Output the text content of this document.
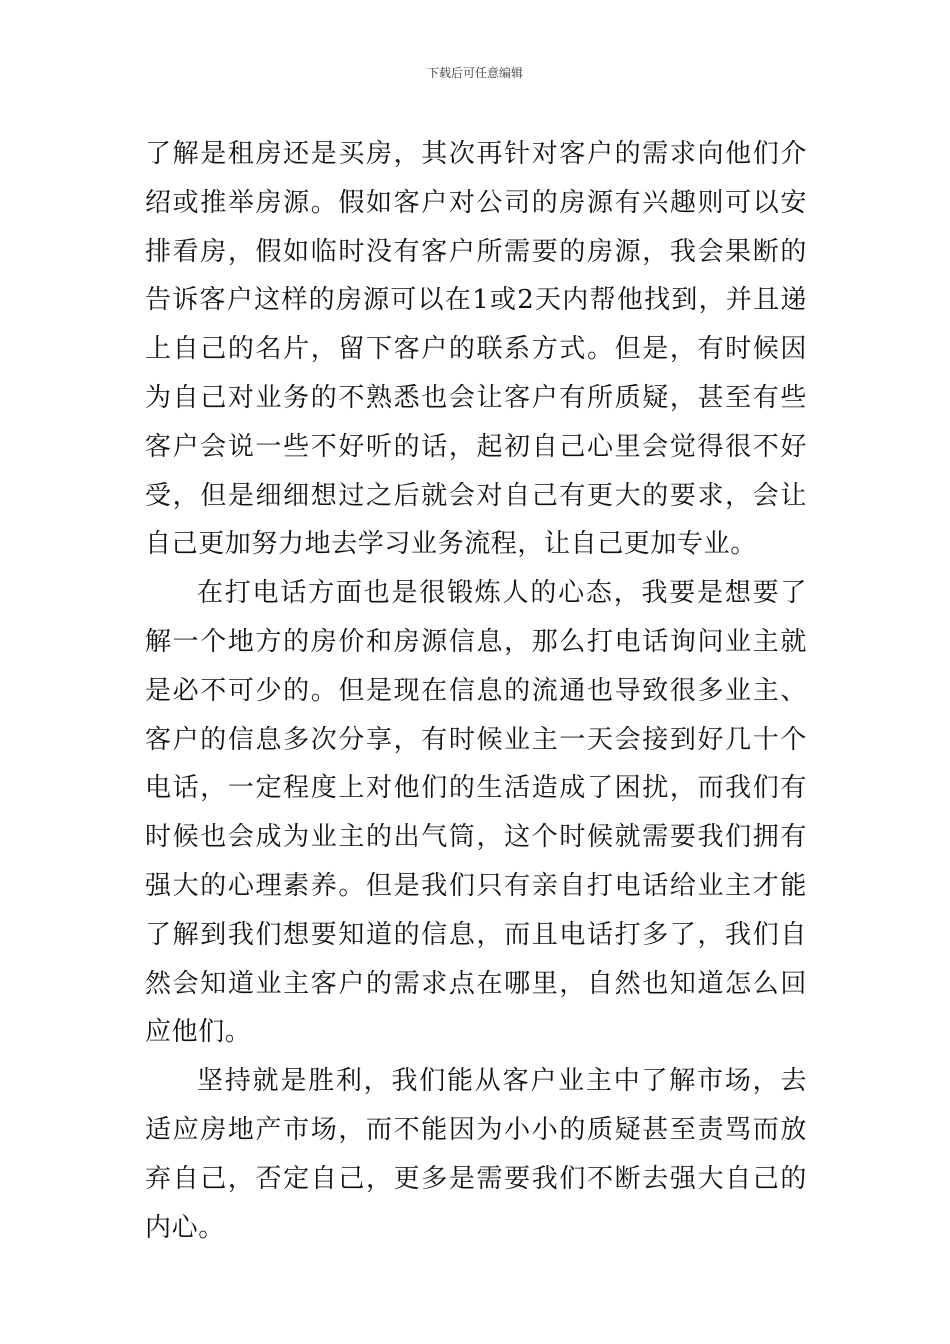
下载后可任意编辑

了解是租房还是买房，其次再针对客户的需求向他们介绍或推举房源。假如客户对公司的房源有兴趣则可以安排看房，假如临时没有客户所需要的房源，我会果断的告诉客户这样的房源可以在1或2天内帮他找到，并且递上自己的名片，留下客户的联系方式。但是，有时候因为自己对业务的不熟悉也会让客户有所质疑，甚至有些客户会说一些不好听的话，起初自己心里会觉得很不好受，但是细细想过之后就会对自己有更大的要求，会让自己更加努力地去学习业务流程，让自己更加专业。

在打电话方面也是很锻炼人的心态，我要是想要了解一个地方的房价和房源信息，那么打电话询问业主就是必不可少的。但是现在信息的流通也导致很多业主、客户的信息多次分享，有时候业主一天会接到好几十个电话，一定程度上对他们的生活造成了困扰，而我们有时候也会成为业主的出气筒，这个时候就需要我们拥有强大的心理素养。但是我们只有亲自打电话给业主才能了解到我们想要知道的信息，而且电话打多了，我们自然会知道业主客户的需求点在哪里，自然也知道怎么回应他们。

坚持就是胜利，我们能从客户业主中了解市场，去适应房地产市场，而不能因为小小的质疑甚至责骂而放弃自己，否定自己，更多是需要我们不断去强大自己的内心。
